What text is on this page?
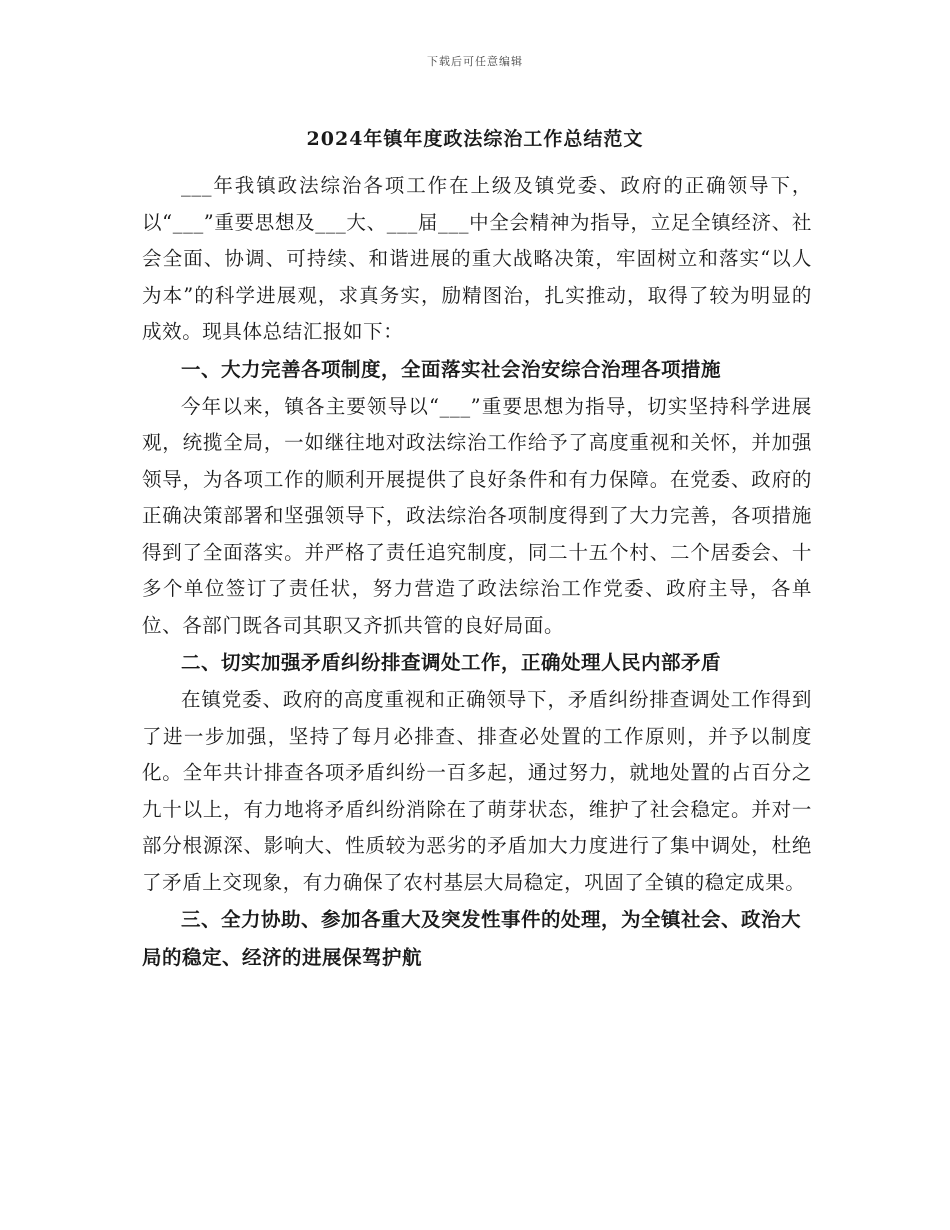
下载后可任意编辑
2024年镇年度政法综治工作总结范文

___年我镇政法综治各项工作在上级及镇党委、政府的正确领导下，以“___”重要思想及___大、___届___中全会精神为指导，立足全镇经济、社会全面、协调、可持续、和谐进展的重大战略决策，牢固树立和落实“以人为本”的科学进展观，求真务实，励精图治，扎实推动，取得了较为明显的成效。现具体总结汇报如下：

一、大力完善各项制度，全面落实社会治安综合治理各项措施

今年以来，镇各主要领导以“___”重要思想为指导，切实坚持科学进展观，统揽全局，一如继往地对政法综治工作给予了高度重视和关怀，并加强领导，为各项工作的顺利开展提供了良好条件和有力保障。在党委、政府的正确决策部署和坚强领导下，政法综治各项制度得到了大力完善，各项措施得到了全面落实。并严格了责任追究制度，同二十五个村、二个居委会、十多个单位签订了责任状，努力营造了政法综治工作党委、政府主导，各单位、各部门既各司其职又齐抓共管的良好局面。

二、切实加强矛盾纠纷排查调处工作，正确处理人民内部矛盾

在镇党委、政府的高度重视和正确领导下，矛盾纠纷排查调处工作得到了进一步加强，坚持了每月必排查、排查必处置的工作原则，并予以制度化。全年共计排查各项矛盾纠纷一百多起，通过努力，就地处置的占百分之九十以上，有力地将矛盾纠纷消除在了萌芽状态，维护了社会稳定。并对一部分根源深、影响大、性质较为恶劣的矛盾加大力度进行了集中调处，杜绝了矛盾上交现象，有力确保了农村基层大局稳定，巩固了全镇的稳定成果。

三、全力协助、参加各重大及突发性事件的处理，为全镇社会、政治大局的稳定、经济的进展保驾护航
